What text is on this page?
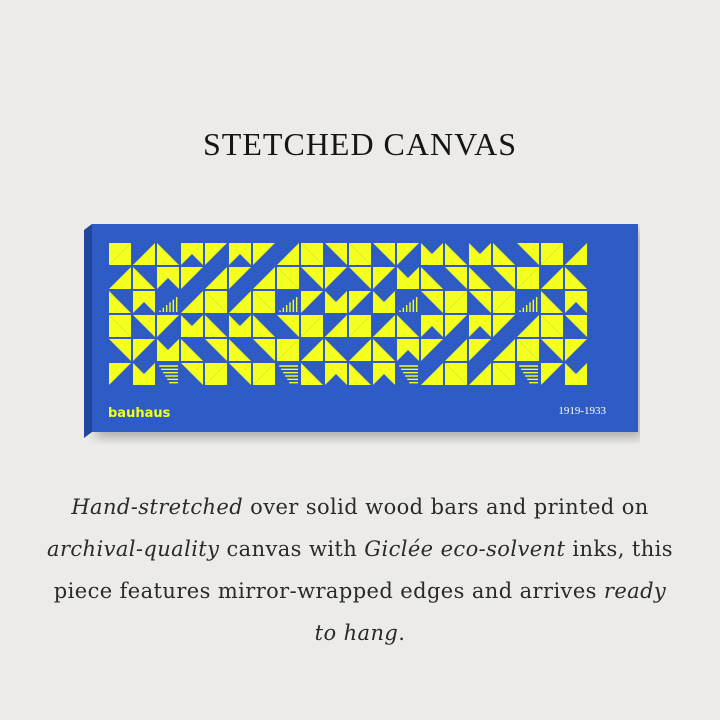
STETCHED CANVAS
bauhaus	1919-1933
Hand-stretched over solid wood bars and printed on archival-quality canvas with Giclée eco-solvent inks, this piece features mirror-wrapped edges and arrives ready to hang.
